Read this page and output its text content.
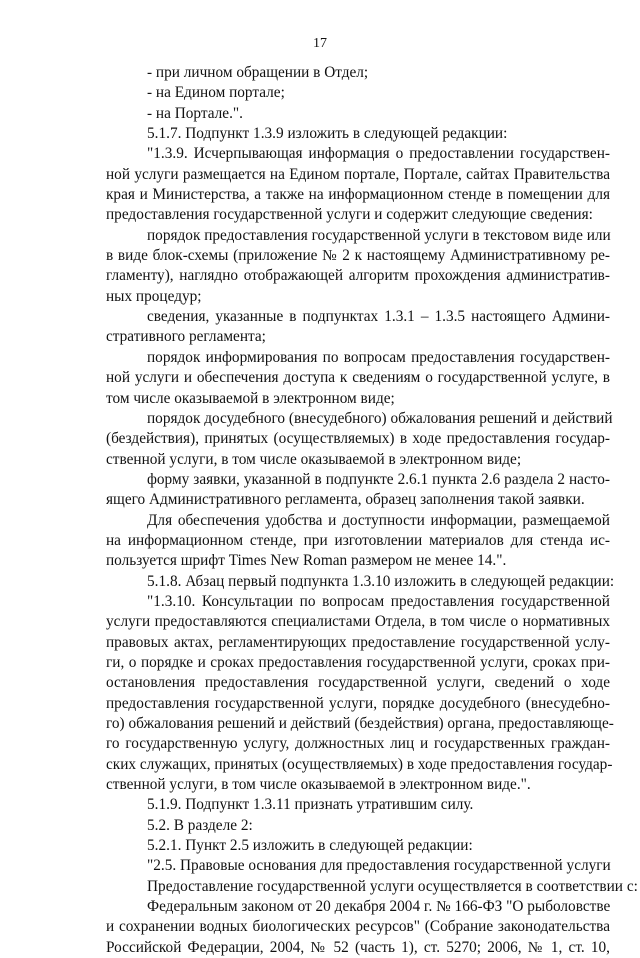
17
- при личном обращении в Отдел;
- на Едином портале;
- на Портале.".
5.1.7. Подпункт 1.3.9 изложить в следующей редакции:
"1.3.9. Исчерпывающая информация о предоставлении государствен-
ной услуги размещается на Едином портале, Портале, сайтах Правительства
края и Министерства, а также на информационном стенде в помещении для
предоставления государственной услуги и содержит следующие сведения:
порядок предоставления государственной услуги в текстовом виде или
в виде блок-схемы (приложение № 2 к настоящему Административному ре-
гламенту), наглядно отображающей алгоритм прохождения административ-
ных процедур;
сведения, указанные в подпунктах 1.3.1 – 1.3.5 настоящего Админи-
стративного регламента;
порядок информирования по вопросам предоставления государствен-
ной услуги и обеспечения доступа к сведениям о государственной услуге, в
том числе оказываемой в электронном виде;
порядок досудебного (внесудебного) обжалования решений и действий
(бездействия), принятых (осуществляемых) в ходе предоставления государ-
ственной услуги, в том числе оказываемой в электронном виде;
форму заявки, указанной в подпункте 2.6.1 пункта 2.6 раздела 2 насто-
ящего Административного регламента, образец заполнения такой заявки.
Для обеспечения удобства и доступности информации, размещаемой
на информационном стенде, при изготовлении материалов для стенда ис-
пользуется шрифт Times New Roman размером не менее 14.".
5.1.8. Абзац первый подпункта 1.3.10 изложить в следующей редакции:
"1.3.10. Консультации по вопросам предоставления государственной
услуги предоставляются специалистами Отдела, в том числе о нормативных
правовых актах, регламентирующих предоставление государственной услу-
ги, о порядке и сроках предоставления государственной услуги, сроках при-
остановления предоставления государственной услуги, сведений о ходе
предоставления государственной услуги, порядке досудебного (внесудебно-
го) обжалования решений и действий (бездействия) органа, предоставляюще-
го государственную услугу, должностных лиц и государственных граждан-
ских служащих, принятых (осуществляемых) в ходе предоставления государ-
ственной услуги, в том числе оказываемой в электронном виде.".
5.1.9. Подпункт 1.3.11 признать утратившим силу.
5.2. В разделе 2:
5.2.1. Пункт 2.5 изложить в следующей редакции:
"2.5. Правовые основания для предоставления государственной услуги
Предоставление государственной услуги осуществляется в соответствии с:
Федеральным законом от 20 декабря 2004 г. № 166-ФЗ "О рыболовстве
и сохранении водных биологических ресурсов" (Собрание законодательства
Российской Федерации, 2004, № 52 (часть 1), ст. 5270; 2006, № 1, ст. 10,
